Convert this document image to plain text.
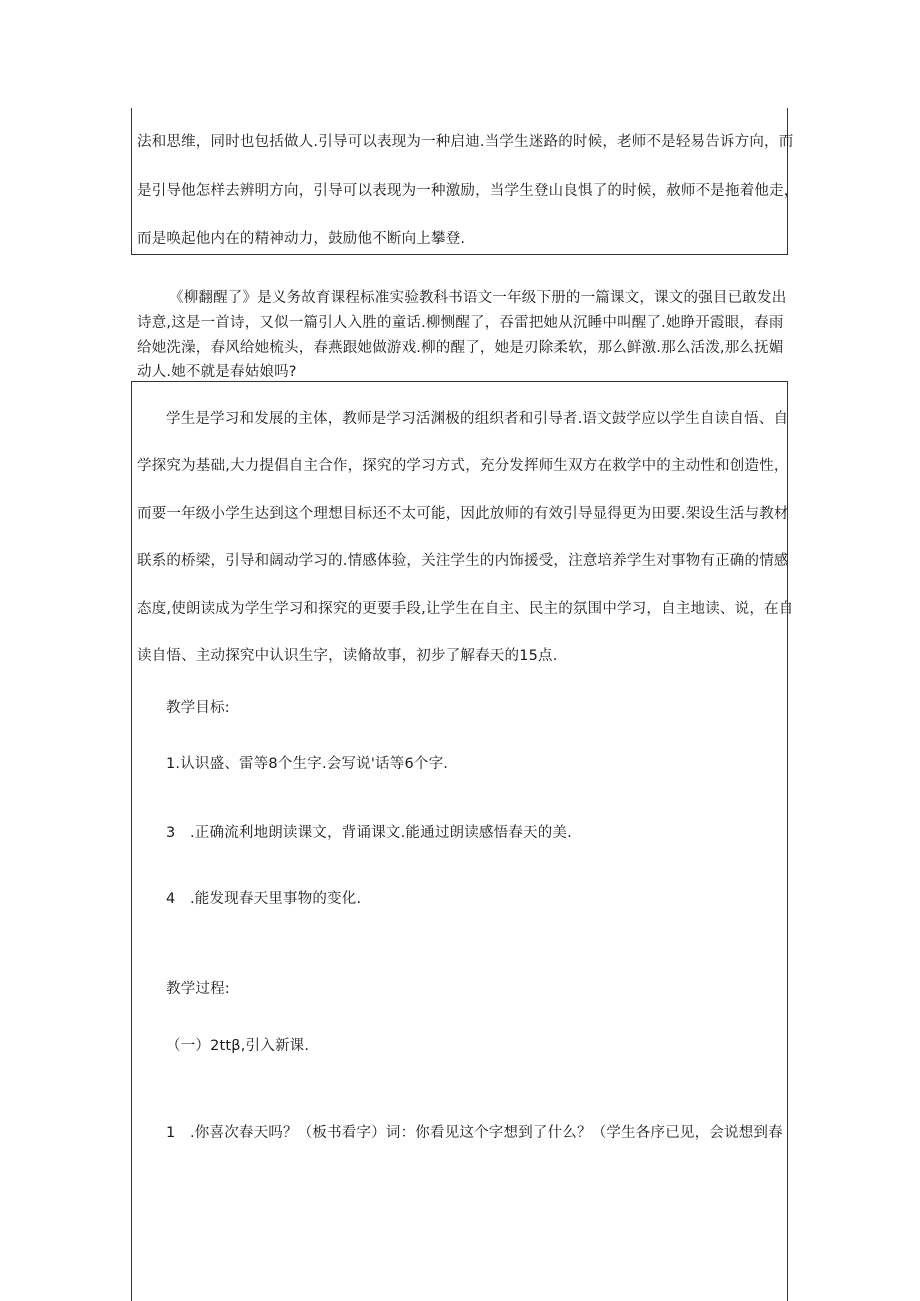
法和思维，同时也包括做人.引导可以表现为一种启迪.当学生迷路的时候，老师不是轻易告诉方向，而
是引导他怎样去辨明方向，引导可以表现为一种激励，当学生登山良惧了的时候，赦师不是拖着他走，
而是唤起他内在的精神动力，鼓励他不断向上攀登.
《柳翻醒了》是义务故育课程标准实验教科书语文一年级下册的一篇课文，课文的强目已敢发出
诗意,这是一首诗，又似一篇引人入胜的童话.柳恻醒了，吞雷把她从沉睡中叫醒了.她睁开霞眼，春雨
给她洗澡，春风给她梳头，春燕跟她做游戏.柳的醒了，她是刃除柔软，那么鲜激.那么活泼,那么抚媚
动人.她不就是春姑娘吗?
学生是学习和发展的主体，教师是学习活渊极的组织者和引导者.语文鼓学应以学生自读自悟、自
学探究为基础,大力提倡自主合作，探究的学习方式，充分发挥师生双方在救学中的主动性和创造性，
而要一年级小学生达到这个理想目标还不太可能，因此放师的有效引导显得更为田要.架设生活与教材
联系的桥梁，引导和阔动学习的.情感体验，关注学生的内饰援受，注意培养学生对事物有正确的情感
态度,使朗读成为学生学习和探究的更要手段,让学生在自主、民主的氛围中学习，自主地读、说，在自
读自悟、主动探究中认识生字，读脩故事，初步了解春天的15点.
教学目标:
1.认识盛、雷等8个生字.会写说'话等6个字.
3 .正确流利地朗读课文，背诵课文.能通过朗读感悟春天的美.
4 .能发现春天里事物的变化.
教学过程:
（一）2ttβ,引入新课.
1 .你喜次春天吗？（板书看字）词：你看见这个字想到了什么？（学生各序已见，会说想到春
